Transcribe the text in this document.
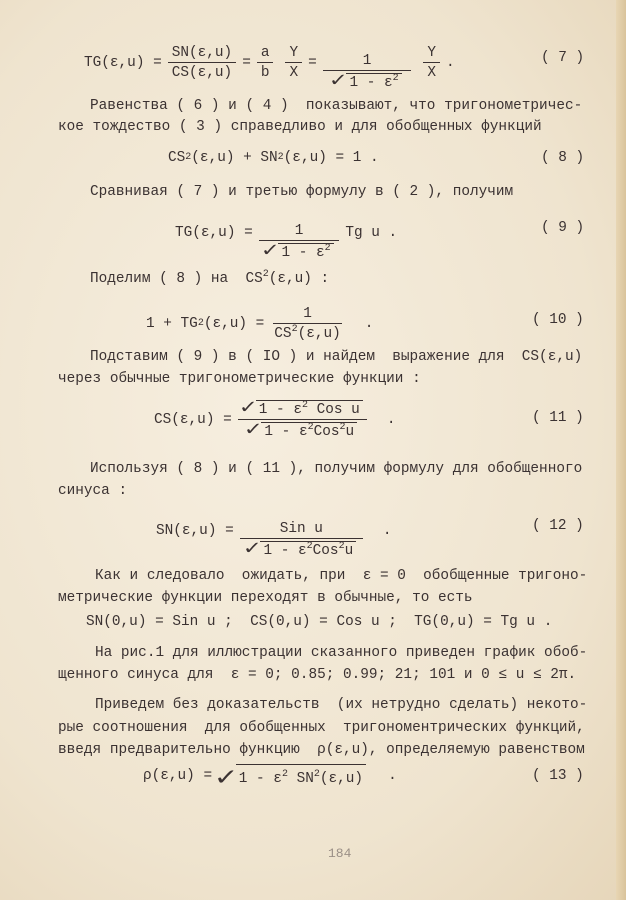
$TG(\varepsilon,u) = \frac{SN(\varepsilon,u)}{CS(\varepsilon,u)} = \frac{a}{b} \frac{Y}{X} = \frac{1}{✓ 1 - \varepsilon^2} \frac{Y}{X}$ .	( 7 )
Равенства ( 6 ) и ( 4 )  показывают, что тригонометричес-
кое тождество ( 3 ) справедливо и для обобщенных функций
CS 2 (ε,u) + SN 2 (ε,u) = 1 .	( 8 )
Сравнивая ( 7 ) и третью формулу в ( 2 ), получим
$TG(\varepsilon,u) = \frac{1}{✓ 1 - \varepsilon^2}$ Tg u .	( 9 )
Поделим ( 8 ) на  $CS^2(\varepsilon,u)$ :
1 + TG 2 $(\varepsilon,u) = \frac{1}{CS^2(\varepsilon,u)}$ .	( 10 )
Подставим ( 9 ) в ( IO ) и найдем  выражение для  CS(ε,u)
через обычные тригонометрические функции :
$CS(\varepsilon,u) = \frac{✓ 1 - \varepsilon^2 Cos u}{✓ 1 - \varepsilon^2Cos^2u}$ .	( 11 )
Используя ( 8 ) и ( 11 ), получим формулу для обобщенного
синуса :
$SN(\varepsilon,u) = \frac{\text{Sin u}}{✓ 1 - \varepsilon^2Cos^2u}$ .	( 12 )
Как и следовало  ожидать, при  ε = 0  обобщенные тригоно-
метрические функции переходят в обычные, то есть
SN(0,u) = Sin u ;  CS(0,u) = Cos u ;  TG(0,u) = Tg u .
На рис.1 для иллюстрации сказанного приведен график обоб-
щенного синуса для  ε = 0; 0.85; 0.99; 21; 101 и 0 ≤ u ≤ 2π.
Приведем без доказательств  (их нетрудно сделать) некото-
рые соотношения  для обобщенных  тригономентрических функций,
введя предварительно функцию  ρ(ε,u), определяемую равенством
ρ(ε,u) = ✓ $1 - \varepsilon^2$ $SN^2(\varepsilon,u)$ .	( 13 )
184
